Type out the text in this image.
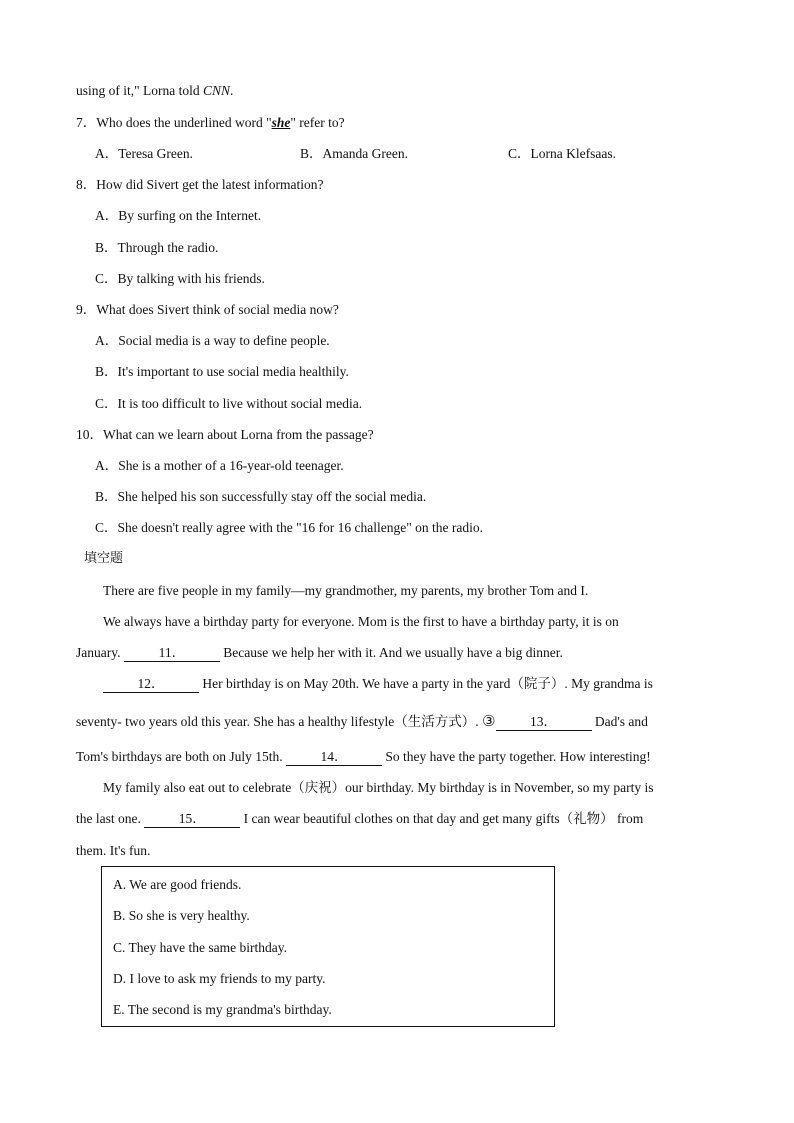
using of it," Lorna told CNN.
7．Who does the underlined word "she" refer to?
A．Teresa Green.	B．Amanda Green.	C．Lorna Klefsaas.
8．How did Sivert get the latest information?
A．By surfing on the Internet.
B．Through the radio.
C．By talking with his friends.
9．What does Sivert think of social media now?
A．Social media is a way to define people.
B．It's important to use social media healthily.
C．It is too difficult to live without social media.
10．What can we learn about Lorna from the passage?
A．She is a mother of a 16-year-old teenager.
B．She helped his son successfully stay off the social media.
C．She doesn't really agree with the "16 for 16 challenge" on the radio.
填空题
There are five people in my family—my grandmother, my parents, my brother Tom and I.
We always have a birthday party for everyone. Mom is the first to have a birthday party, it is on
January.	11．	Because we help her with it. And we usually have a big dinner.
12．	Her birthday is on May 20th. We have a party in the yard（院子）. My grandma is
seventy- two years old this year. She has a healthy lifestyle（生活方式）. ③	13．	Dad's and
Tom's birthdays are both on July 15th.	14．	So they have the party together. How interesting!
My family also eat out to celebrate（庆祝）our birthday. My birthday is in November, so my party is
the last one.	15．	I can wear beautiful clothes on that day and get many gifts（礼物） from
them. It's fun.
A. We are good friends.
B. So she is very healthy.
C. They have the same birthday.
D. I love to ask my friends to my party.
E. The second is my grandma's birthday.
